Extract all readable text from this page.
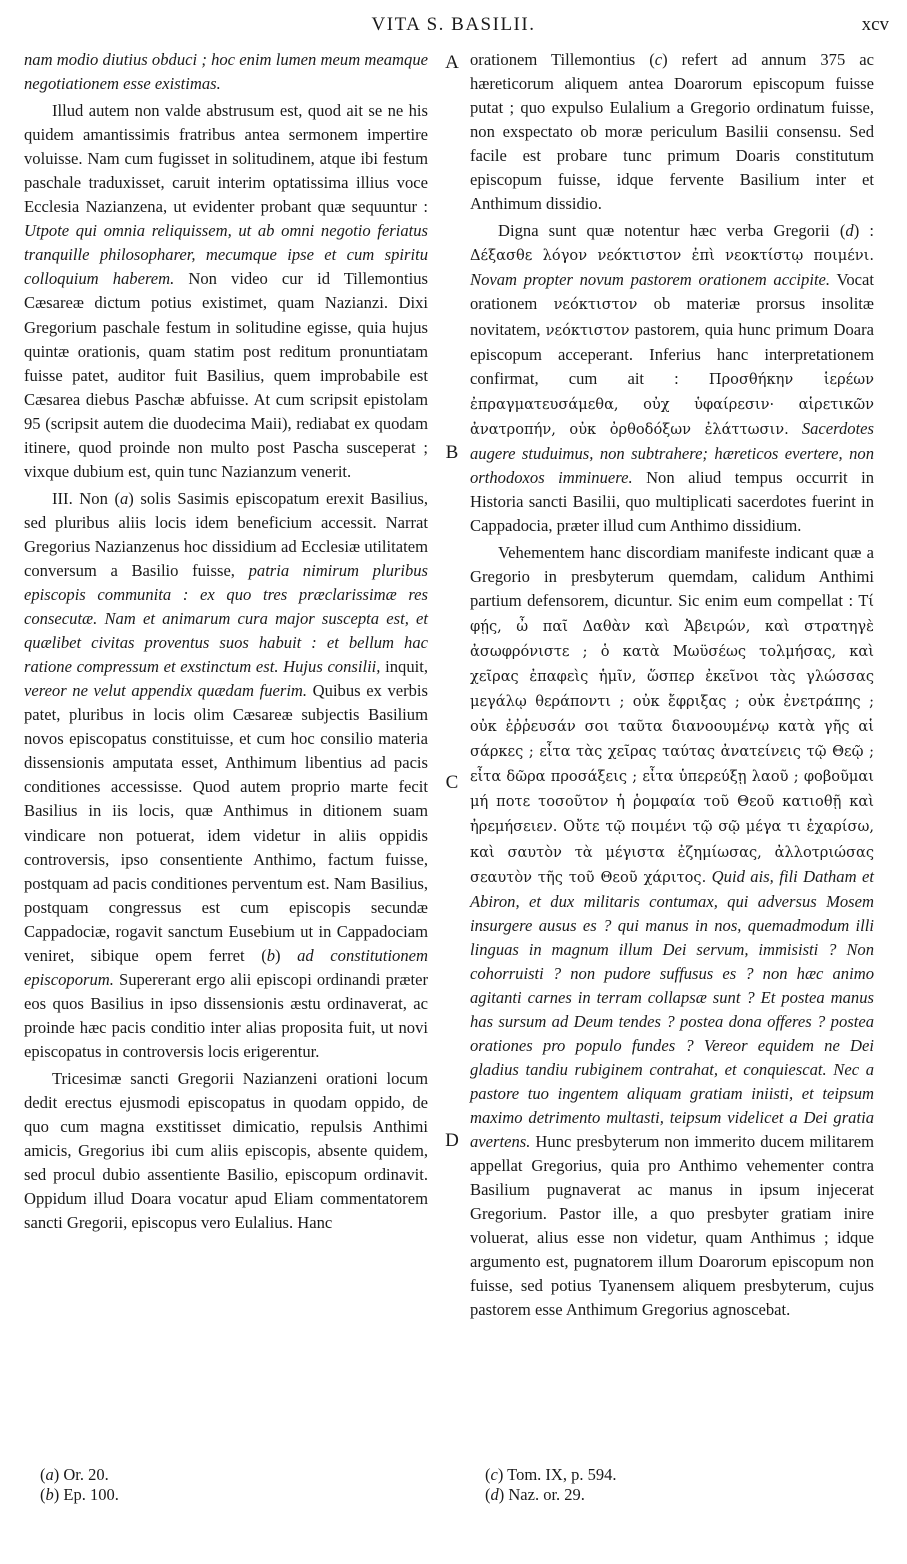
VITA S. BASILII.	xcv

nam modio diutius obduci ; hoc enim lumen meum meamque negotiationem esse existimas.

Illud autem non valde abstrusum est, quod ait se ne his quidem amantissimis fratribus antea sermonem impertire voluisse. Nam cum fugisset in solitudinem, atque ibi festum paschale traduxisset, caruit interim optatissima illius voce Ecclesia Nazianzena, ut evidenter probant quæ sequuntur : Utpote qui omnia reliquissem, ut ab omni negotio feriatus tranquille philosopharer, mecumque ipse et cum spiritu colloquium haberem. Non video cur id Tillemontius Cæsareæ dictum potius existimet, quam Nazianzi. Dixi Gregorium paschale festum in solitudine egisse, quia hujus quintæ orationis, quam statim post reditum pronuntiatam fuisse patet, auditor fuit Basilius, quem improbabile est Cæsarea diebus Paschæ abfuisse. At cum scripsit epistolam 95 (scripsit autem die duodecima Maii), rediabat ex quodam itinere, quod proinde non multo post Pascha susceperat ; vixque dubium est, quin tunc Nazianzum venerit.

III. Non (a) solis Sasimis episcopatum erexit Basilius, sed pluribus aliis locis idem beneficium accessit. Narrat Gregorius Nazianzenus hoc dissidium ad Ecclesiæ utilitatem conversum a Basilio fuisse, patria nimirum pluribus episcopis communita : ex quo tres præclarissimæ res consecutæ. Nam et animarum cura major suscepta est, et quælibet civitas proventus suos habuit : et bellum hac ratione compressum et exstinctum est. Hujus consilii, inquit, vereor ne velut appendix quædam fuerim. Quibus ex verbis patet, pluribus in locis olim Cæsareæ subjectis Basilium novos episcopatus constituisse, et cum hoc consilio materia dissensionis amputata esset, Anthimum libentius ad pacis conditiones accessisse. Quod autem proprio marte fecit Basilius in iis locis, quæ Anthimus in ditionem suam vindicare non potuerat, idem videtur in aliis oppidis controversis, ipso consentiente Anthimo, factum fuisse, postquam ad pacis conditiones perventum est. Nam Basilius, postquam congressus est cum episcopis secundæ Cappadociæ, rogavit sanctum Eusebium ut in Cappadociam veniret, sibique opem ferret (b) ad constitutionem episcoporum. Supererant ergo alii episcopi ordinandi præter eos quos Basilius in ipso dissensionis æstu ordinaverat, ac proinde hæc pacis conditio inter alias proposita fuit, ut novi episcopatus in controversis locis erigerentur.

Tricesimæ sancti Gregorii Nazianzeni orationi locum dedit erectus ejusmodi episcopatus in quodam oppido, de quo cum magna exstitisset dimicatio, repulsis Anthimi amicis, Gregorius ibi cum aliis episcopis, absente quidem, sed procul dubio assentiente Basilio, episcopum ordinavit. Oppidum illud Doara vocatur apud Eliam commentatorem sancti Gregorii, episcopus vero Eulalius. Hanc

orationem Tillemontius (c) refert ad annum 375 ac hæreticorum aliquem antea Doarorum episcopum fuisse putat ; quo expulso Eulalium a Gregorio ordinatum fuisse, non exspectato ob moræ periculum Basilii consensu. Sed facile est probare tunc primum Doaris constitutum episcopum fuisse, idque fervente Basilium inter et Anthimum dissidio.

Digna sunt quæ notentur hæc verba Gregorii (d) : Δέξασθε λόγον νεόκτιστον ἐπὶ νεοκτίστῳ ποιμένι. Novam propter novum pastorem orationem accipite. Vocat orationem νεόκτιστον ob materiæ prorsus insolitæ novitatem, νεόκτιστον pastorem, quia hunc primum Doara episcopum acceperant. Inferius hanc interpretationem confirmat, cum ait : Προσθήκην ἱερέων ἐπραγματευσάμεθα, οὐχ ὑφαίρεσιν· αἱρετικῶν ἀνατροπήν, οὐκ ὀρθοδόξων ἐλάττωσιν. Sacerdotes augere studuimus, non subtrahere; hæreticos evertere, non orthodoxos imminuere. Non aliud tempus occurrit in Historia sancti Basilii, quo multiplicati sacerdotes fuerint in Cappadocia, præter illud cum Anthimo dissidium.

Vehementem hanc discordiam manifeste indicant quæ a Gregorio in presbyterum quemdam, calidum Anthimi partium defensorem, dicuntur. Sic enim eum compellat : Τί φῄς, ὦ παῖ Δαθὰν καὶ Ἀβειρών, καὶ στρατηγὲ ἀσωφρόνιστε ; ὁ κατὰ Μωϋσέως τολμήσας, καὶ χεῖρας ἐπαφεὶς ἡμῖν, ὥσπερ ἐκεῖνοι τὰς γλώσσας μεγάλῳ θεράποντι ; οὐκ ἔφριξας ; οὐκ ἐνετράπης ; οὐκ ἐῤῥευσάν σοι ταῦτα διανοουμένῳ κατὰ γῆς αἱ σάρκες ; εἶτα τὰς χεῖρας ταύτας ἀνατείνεις τῷ Θεῷ ; εἶτα δῶρα προσάξεις ; εἶτα ὑπερεύξῃ λαοῦ ; φοβοῦμαι μή ποτε τοσοῦτον ἡ ῥομφαία τοῦ Θεοῦ κατιοθῇ καὶ ἠρεμήσειεν. Οὔτε τῷ ποιμένι τῷ σῷ μέγα τι ἐχαρίσω, καὶ σαυτὸν τὰ μέγιστα ἐζημίωσας, ἀλλοτριώσας σεαυτὸν τῆς τοῦ Θεοῦ χάριτος. Quid ais, fili Datham et Abiron, et dux militaris contumax, qui adversus Mosem insurgere ausus es ? qui manus in nos, quemadmodum illi linguas in magnum illum Dei servum, immisisti ? Non cohorruisti ? non pudore suffusus es ? non hæc animo agitanti carnes in terram collapsæ sunt ? Et postea manus has sursum ad Deum tendes ? postea dona offeres ? postea orationes pro populo fundes ? Vereor equidem ne Dei gladius tandiu rubiginem contrahat, et conquiescat. Nec a pastore tuo ingentem aliquam gratiam iniisti, et teipsum maximo detrimento multasti, teipsum videlicet a Dei gratia avertens. Hunc presbyterum non immerito ducem militarem appellat Gregorius, quia pro Anthimo vehementer contra Basilium pugnaverat ac manus in ipsum injecerat Gregorium. Pastor ille, a quo presbyter gratiam inire voluerat, alius esse non videtur, quam Anthimus ; idque argumento est, pugnatorem illum Doarorum episcopum non fuisse, sed potius Tyanensem aliquem presbyterum, cujus pastorem esse Anthimum Gregorius agnoscebat.

A
B
C
D
(a) Or. 20.
(b) Ep. 100.
(c) Tom. IX, p. 594.
(d) Naz. or. 29.
